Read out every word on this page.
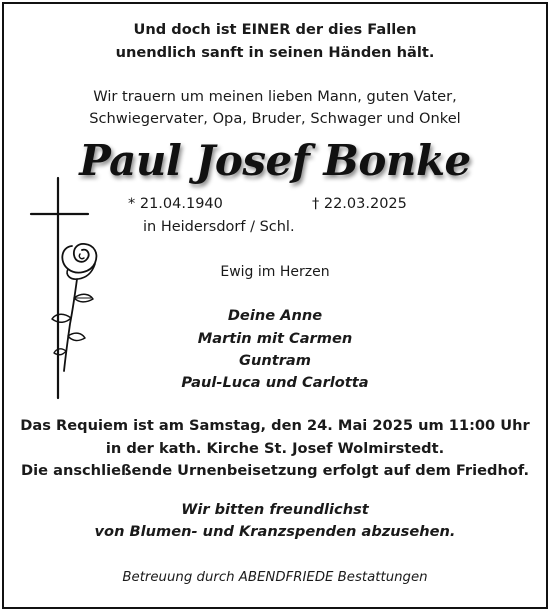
Und doch ist EINER der dies Fallen
unendlich sanft in seinen Händen hält.
Wir trauern um meinen lieben Mann, guten Vater,
Schwiegervater, Opa, Bruder, Schwager und Onkel
Paul Josef Bonke
* 21.04.1940	† 22.03.2025
in Heidersdorf / Schl.
Ewig im Herzen
Deine Anne
Martin mit Carmen
Guntram
Paul-Luca und Carlotta
Das Requiem ist am Samstag, den 24. Mai 2025 um 11:00 Uhr
in der kath. Kirche St. Josef Wolmirstedt.
Die anschließende Urnenbeisetzung erfolgt auf dem Friedhof.
Wir bitten freundlichst
von Blumen- und Kranzspenden abzusehen.
Betreuung durch ABENDFRIEDE Bestattungen
